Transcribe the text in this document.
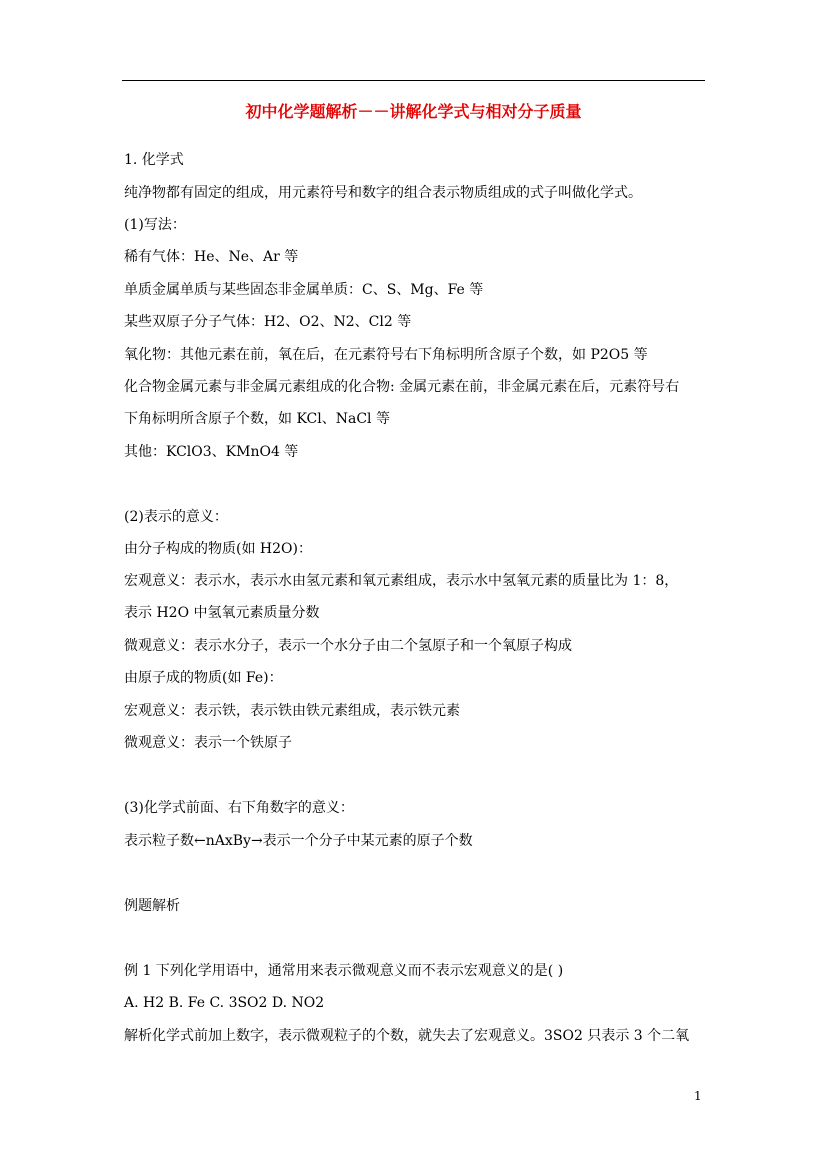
初中化学题解析－－讲解化学式与相对分子质量
1. 化学式
纯净物都有固定的组成，用元素符号和数字的组合表示物质组成的式子叫做化学式。
(1)写法：
稀有气体：He、Ne、Ar 等
单质金属单质与某些固态非金属单质：C、S、Mg、Fe 等
某些双原子分子气体：H2、O2、N2、Cl2 等
氧化物：其他元素在前，氧在后，在元素符号右下角标明所含原子个数，如 P2O5 等
化合物金属元素与非金属元素组成的化合物: 金属元素在前，非金属元素在后，元素符号右
下角标明所含原子个数，如 KCl、NaCl 等
其他：KClO3、KMnO4 等
(2)表示的意义：
由分子构成的物质(如 H2O)：
宏观意义：表示水，表示水由氢元素和氧元素组成，表示水中氢氧元素的质量比为 1：8，
表示 H2O 中氢氧元素质量分数
微观意义：表示水分子，表示一个水分子由二个氢原子和一个氧原子构成
由原子成的物质(如 Fe)：
宏观意义：表示铁，表示铁由铁元素组成，表示铁元素
微观意义：表示一个铁原子
(3)化学式前面、右下角数字的意义：
表示粒子数←nAxBy→表示一个分子中某元素的原子个数
例题解析
例 1 下列化学用语中，通常用来表示微观意义而不表示宏观意义的是( )
A. H2 B. Fe C. 3SO2 D. NO2
解析化学式前加上数字，表示微观粒子的个数，就失去了宏观意义。3SO2 只表示 3 个二氧
1
